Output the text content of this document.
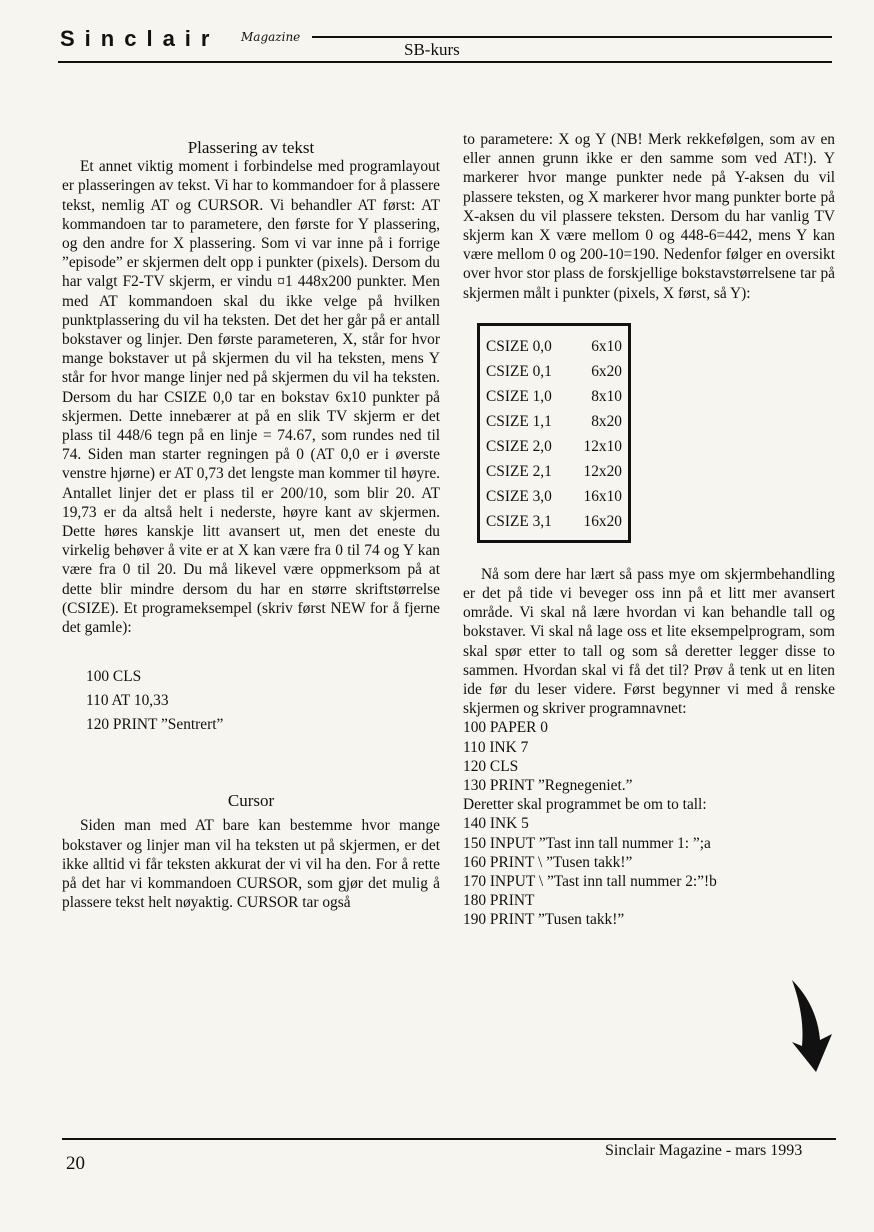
Sinclair Magazine
SB-kurs

Plassering av tekst

Et annet viktig moment i forbindelse med programlayout er plasseringen av tekst. Vi har to kommandoer for å plassere tekst, nemlig AT og CURSOR. Vi behandler AT først: AT kommandoen tar to parametere, den første for Y plassering, og den andre for X plassering. Som vi var inne på i forrige ”episode” er skjermen delt opp i punkter (pixels). Dersom du har valgt F2-TV skjerm, er vindu ¤1 448x200 punkter. Men med AT kommandoen skal du ikke velge på hvilken punktplassering du vil ha teksten. Det det her går på er antall bokstaver og linjer. Den første parameteren, X, står for hvor mange bokstaver ut på skjermen du vil ha teksten, mens Y står for hvor mange linjer ned på skjermen du vil ha teksten. Dersom du har CSIZE 0,0 tar en bokstav 6x10 punkter på skjermen. Dette innebærer at på en slik TV skjerm er det plass til 448/6 tegn på en linje = 74.67, som rundes ned til 74. Siden man starter regningen på 0 (AT 0,0 er i øverste venstre hjørne) er AT 0,73 det lengste man kommer til høyre. Antallet linjer det er plass til er 200/10, som blir 20. AT 19,73 er da altså helt i nederste, høyre kant av skjermen. Dette høres kanskje litt avansert ut, men det eneste du virkelig behøver å vite er at X kan være fra 0 til 74 og Y kan være fra 0 til 20. Du må likevel være oppmerksom på at dette blir mindre dersom du har en større skriftstørrelse (CSIZE). Et programeksempel (skriv først NEW for å fjerne det gamle):

100 CLS

110 AT 10,33

120 PRINT ”Sentrert”

Cursor

Siden man med AT bare kan bestemme hvor mange bokstaver og linjer man vil ha teksten ut på skjermen, er det ikke alltid vi får teksten akkurat der vi vil ha den. For å rette på det har vi kommandoen CURSOR, som gjør det mulig å plassere tekst helt nøyaktig. CURSOR tar også

to parametere: X og Y (NB! Merk rekkefølgen, som av en eller annen grunn ikke er den samme som ved AT!). Y markerer hvor mange punkter nede på Y-aksen du vil plassere teksten, og X markerer hvor mang punkter borte på X-aksen du vil plassere teksten. Dersom du har vanlig TV skjerm kan X være mellom 0 og 448-6=442, mens Y kan være mellom 0 og 200-10=190. Nedenfor følger en oversikt over hvor stor plass de forskjellige bokstavstørrelsene tar på skjermen målt i punkter (pixels, X først, så Y):

CSIZE 0,0	6x10
CSIZE 0,1	6x20
CSIZE 1,0	8x10
CSIZE 1,1	8x20
CSIZE 2,0 12x10
CSIZE 2,1 12x20
CSIZE 3,0 16x10
CSIZE 3,1 16x20

Nå som dere har lært så pass mye om skjermbehandling er det på tide vi beveger oss inn på et litt mer avansert område. Vi skal nå lære hvordan vi kan behandle tall og bokstaver. Vi skal nå lage oss et lite eksempelprogram, som skal spør etter to tall og som så deretter legger disse to sammen. Hvordan skal vi få det til? Prøv å tenk ut en liten ide før du leser videre. Først begynner vi med å renske skjermen og skriver programnavnet:

100 PAPER 0

110 INK 7

120 CLS

130 PRINT ”Regnegeniet.”

Deretter skal programmet be om to tall:

140 INK 5

150 INPUT ”Tast inn tall nummer 1: ”;a

160 PRINT \ ”Tusen takk!”

170 INPUT \ ”Tast inn tall nummer 2:”!b

180 PRINT

190 PRINT ”Tusen takk!”

20
Sinclair Magazine - mars 1993
